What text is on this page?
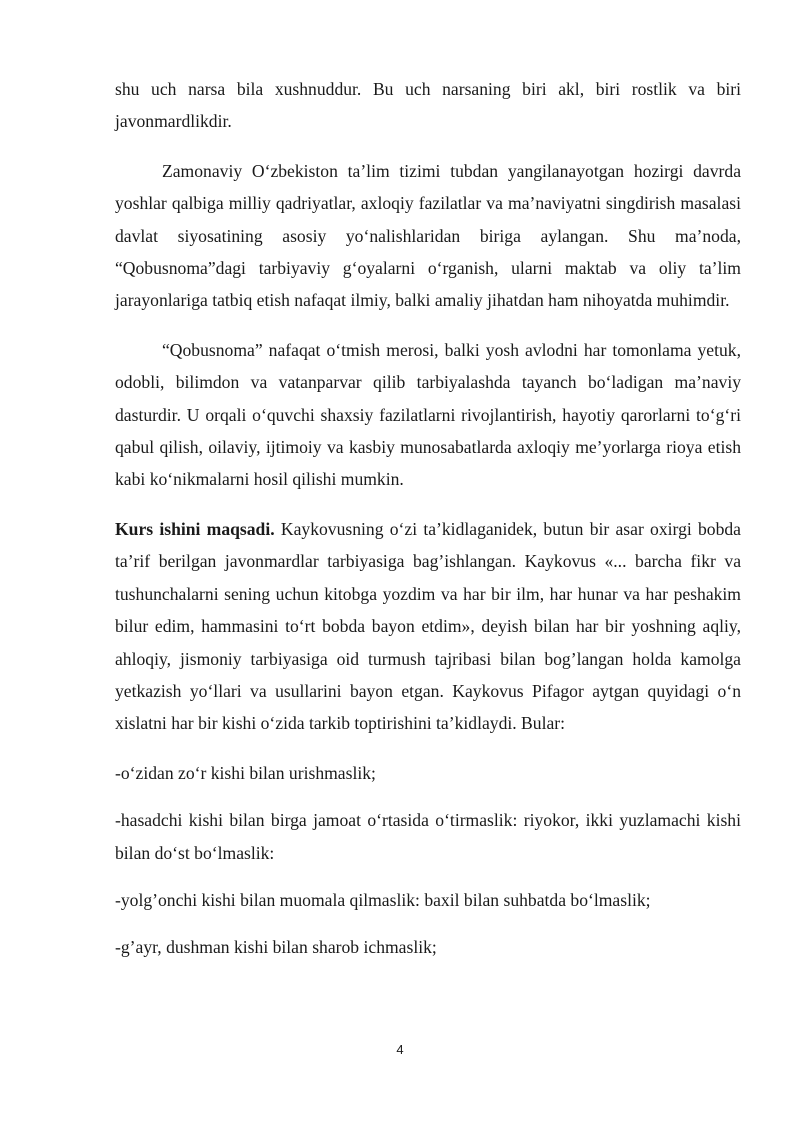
shu uch narsa bila xushnuddur. Bu uch narsaning biri akl, biri rostlik va biri javonmardlikdir.

Zamonaviy O‘zbekiston ta’lim tizimi tubdan yangilanayotgan hozirgi davrda yoshlar qalbiga milliy qadriyatlar, axloqiy fazilatlar va ma’naviyatni singdirish masalasi davlat siyosatining asosiy yo‘nalishlaridan biriga aylangan. Shu ma’noda, “Qobusnoma”dagi tarbiyaviy g‘oyalarni o‘rganish, ularni maktab va oliy ta’lim jarayonlariga tatbiq etish nafaqat ilmiy, balki amaliy jihatdan ham nihoyatda muhimdir.

“Qobusnoma” nafaqat o‘tmish merosi, balki yosh avlodni har tomonlama yetuk, odobli, bilimdon va vatanparvar qilib tarbiyalashda tayanch bo‘ladigan ma’naviy dasturdir. U orqali o‘quvchi shaxsiy fazilatlarni rivojlantirish, hayotiy qarorlarni to‘g‘ri qabul qilish, oilaviy, ijtimoiy va kasbiy munosabatlarda axloqiy me’yorlarga rioya etish kabi ko‘nikmalarni hosil qilishi mumkin.

Kurs ishini maqsadi. Kaykovusning o‘zi ta’kidlaganidek, butun bir asar oxirgi bobda ta’rif berilgan javonmardlar tarbiyasiga bag’ishlangan. Kaykovus «... barcha fikr va tushunchalarni sening uchun kitobga yozdim va har bir ilm, har hunar va har peshakim bilur edim, hammasini to‘rt bobda bayon etdim», deyish bilan har bir yoshning aqliy, ahloqiy, jismoniy tarbiyasiga oid turmush tajribasi bilan bog’langan holda kamolga yetkazish yo‘llari va usullarini bayon etgan. Kaykovus Pifagor aytgan quyidagi o‘n xislatni har bir kishi o‘zida tarkib toptirishini ta’kidlaydi. Bular:

-o‘zidan zo‘r kishi bilan urishmaslik;

-hasadchi kishi bilan birga jamoat o‘rtasida o‘tirmaslik: riyokor, ikki yuzlamachi kishi bilan do‘st bo‘lmaslik:

-yolg’onchi kishi bilan muomala qilmaslik: baxil bilan suhbatda bo‘lmaslik;

-g’ayr, dushman kishi bilan sharob ichmaslik;

4
